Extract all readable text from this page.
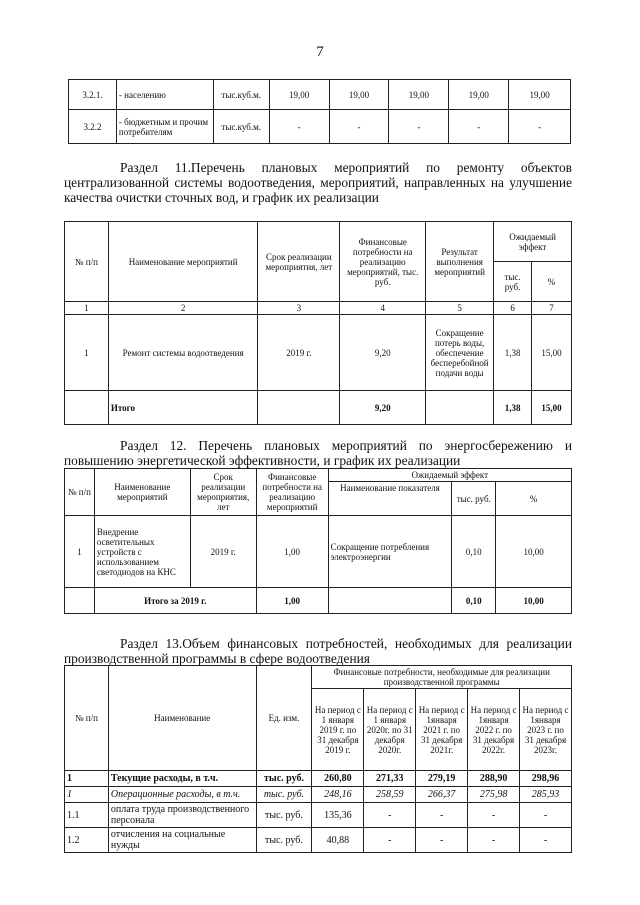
7
3.2.1.	- населению	тыс.куб.м.	19,00	19,00	19,00	19,00	19,00
3.2.2	- бюджетным и прочим потребителям	тыс.куб.м.	-	-	-	-	-
Раздел 11.Перечень плановых мероприятий по ремонту объектов централизованной системы водоотведения, мероприятий, направленных на улучшение качества очистки сточных вод, и график их реализации
№ п/п	Наименование мероприятий	Срок реализации мероприятия, лет	Финансовые потребности на реализацию мероприятий, тыс. руб.	Результат выполнения мероприятий	Ожидаемый эффект	
					тыс. руб.	%
1	2	3	4	5	6	7
1	Ремонт системы водоотведения	2019 г.	9,20	Сокращение потерь воды, обеспечение бесперебойной подачи воды	1,38	15,00
	Итого		9,20		1,38	15,00
Раздел 12. Перечень плановых мероприятий по энергосбережению и повышению энергетической эффективности, и график их реализации
№ п/п	Наименование мероприятий	Срок реализации мероприятия, лет	Финансовые потребности на реализацию мероприятий	Ожидаемый эффект		
				Наименование показателя	тыс. руб.	%
1	Внедрение осветительных устройств с использованием светодиодов на КНС	2019 г.	1,00	Сокращение потребления электроэнергии	0,10	10,00
	Итого за 2019 г.		1,00		0,10	10,00
Раздел 13.Объем финансовых потребностей, необходимых для реализации производственной программы в сфере водоотведения
№ п/п	Наименование	Ед. изм.	Финансовые потребности, необходимые для реализации производственной программы				
			На период с 1 января 2019 г. по 31 декабря 2019 г.	На период с 1 января 2020г. по 31 декабря 2020г.	На период с 1января 2021 г. по 31 декабря 2021г.	На период с 1января 2022 г. по 31 декабря 2022г.	На период с 1января 2023 г. по 31 декабря 2023г.
1	Текущие расходы, в т.ч.	тыс. руб.	260,80	271,33	279,19	288,90	298,96
1	Операционные расходы, в т.ч.	тыс. руб.	248,16	258,59	266,37	275,98	285,93
1.1	оплата труда производственного персонала	тыс. руб.	135,36	-	-	-	-
1.2	отчисления на социальные нужды	тыс. руб.	40,88	-	-	-	-
